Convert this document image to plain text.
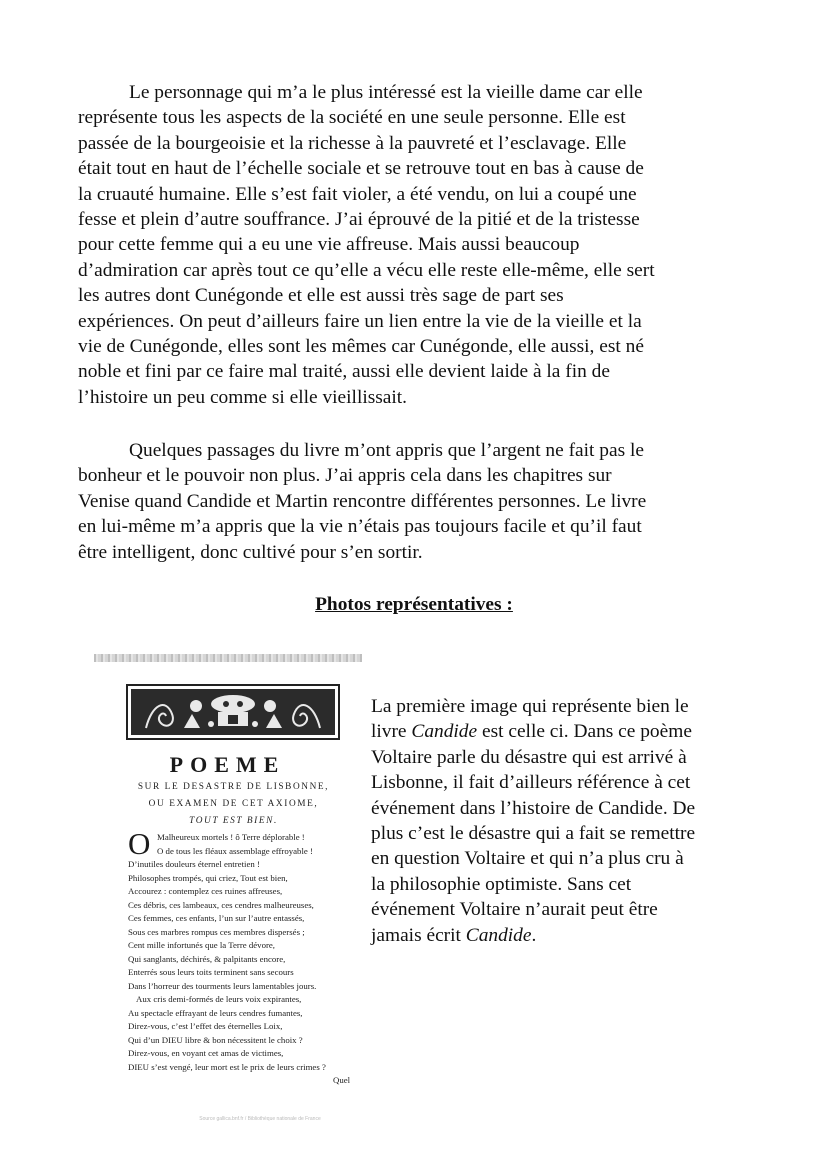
Le personnage qui m’a le plus intéressé est la vieille dame car elle
représente tous les aspects de la société en une seule personne. Elle est
passée de la bourgeoisie et la richesse à la pauvreté et l’esclavage. Elle
était tout en haut de l’échelle sociale et se retrouve tout en bas à cause de
la cruauté humaine. Elle s’est fait violer, a été vendu, on lui a coupé une
fesse et plein d’autre souffrance. J’ai éprouvé de la pitié et de la tristesse
pour cette femme qui a eu une vie affreuse. Mais aussi beaucoup
d’admiration car après tout ce qu’elle a vécu elle reste elle-même, elle sert
les autres dont Cunégonde et elle est aussi très sage de part ses
expériences. On peut d’ailleurs faire un lien entre la vie de la vieille et la
vie de Cunégonde, elles sont les mêmes car Cunégonde, elle aussi, est né
noble et fini par ce faire mal traité, aussi elle devient laide à la fin de
l’histoire un peu comme si elle vieillissait.
Quelques passages du livre m’ont appris que l’argent ne fait pas le
bonheur et le pouvoir non plus. J’ai appris cela dans les chapitres sur
Venise quand Candide et Martin rencontre différentes personnes. Le livre
en lui-même m’a appris que la vie n’étais pas toujours facile et qu’il faut
être intelligent, donc cultivé pour s’en sortir.
Photos représentatives :
POEME
SUR LE DESASTRE DE LISBONNE,
OU EXAMEN DE CET AXIOME,
TOUT EST BIEN.
O Malheureux mortels ! ô Terre déplorable !
O de tous les fléaux assemblage effroyable !
D’inutiles douleurs éternel entretien !
Philosophes trompés, qui criez, Tout est bien,
Accourez : contemplez ces ruines affreuses,
Ces débris, ces lambeaux, ces cendres malheureuses,
Ces femmes, ces enfants, l’un sur l’autre entassés,
Sous ces marbres rompus ces membres dispersés ;
Cent mille infortunés que la Terre dévore,
Qui sanglants, déchirés, & palpitants encore,
Enterrés sous leurs toits terminent sans secours
Dans l’horreur des tourments leurs lamentables jours.
Aux cris demi-formés de leurs voix expirantes,
Au spectacle effrayant de leurs cendres fumantes,
Direz-vous, c’est l’effet des éternelles Loix,
Qui d’un DIEU libre & bon nécessitent le choix ?
Direz-vous, en voyant cet amas de victimes,
DIEU s’est vengé, leur mort est le prix de leurs crimes ?
Quel
Source gallica.bnf.fr / Bibliothèque nationale de France
La première image qui représente bien le
livre Candide est celle ci. Dans ce poème
Voltaire parle du désastre qui est arrivé à
Lisbonne, il fait d’ailleurs référence à cet
événement dans l’histoire de Candide. De
plus c’est le désastre qui a fait se remettre
en question Voltaire et qui n’a plus cru à
la philosophie optimiste. Sans cet
événement Voltaire n’aurait peut être
jamais écrit Candide.
